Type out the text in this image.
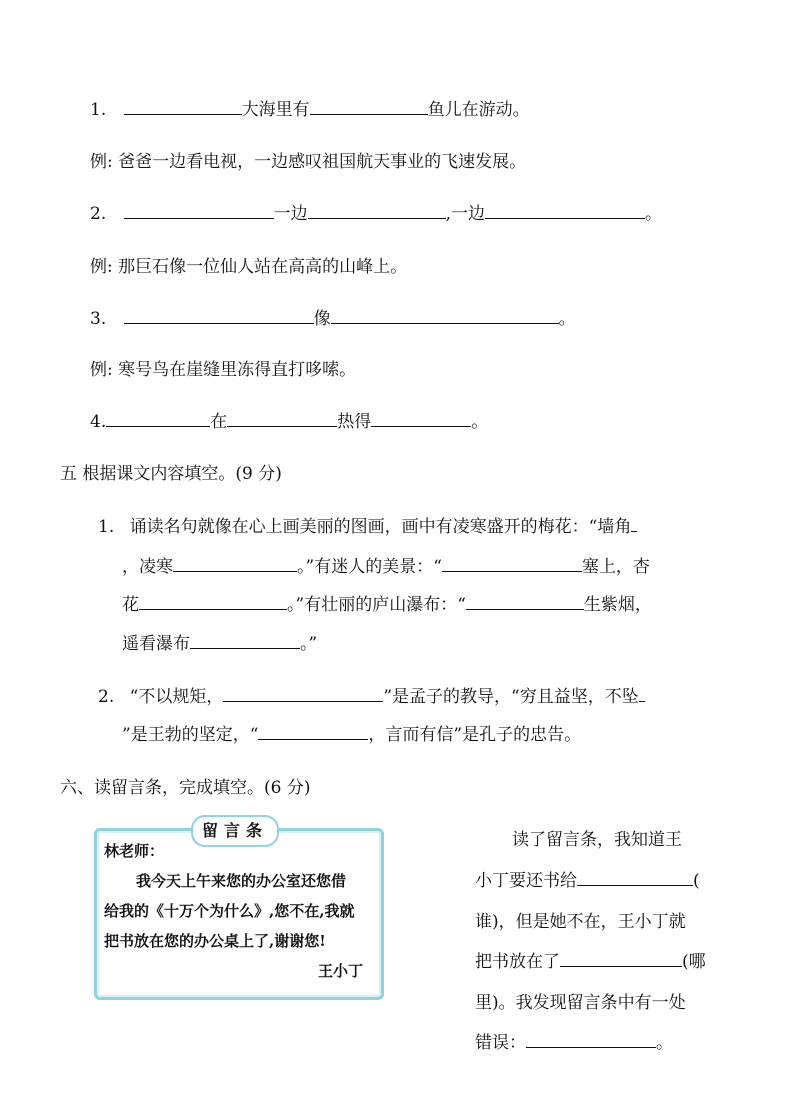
1.	大海里有	鱼儿在游动。
例: 爸爸一边看电视，一边感叹祖国航天事业的飞速发展。
2.	一边	,一边	。
例: 那巨石像一位仙人站在高高的山峰上。
3.	像	。
例: 寒号鸟在崖缝里冻得直打哆嗦。
4.	在	热得	。
五 根据课文内容填空。(9 分)
1. 诵读名句就像在心上画美丽的图画，画中有凌寒盛开的梅花：“墙角
，凌寒	。”有迷人的美景：“	塞上，杏
花	。”有壮丽的庐山瀑布：“	生紫烟，
遥看瀑布	。”
2. “不以规矩，	”是孟子的教导，“穷且益坚，不坠
”是王勃的坚定，“	，言而有信”是孔子的忠告。
六、读留言条，完成填空。(6 分)
留言条
林老师：
我今天上午来您的办公室还您借
给我的《十万个为什么》,您不在,我就
把书放在您的办公桌上了,谢谢您!
王小丁
读了留言条，我知道王
小丁要还书给	(
谁)，但是她不在，王小丁就
把书放在了	(哪
里)。我发现留言条中有一处
错误：	。
